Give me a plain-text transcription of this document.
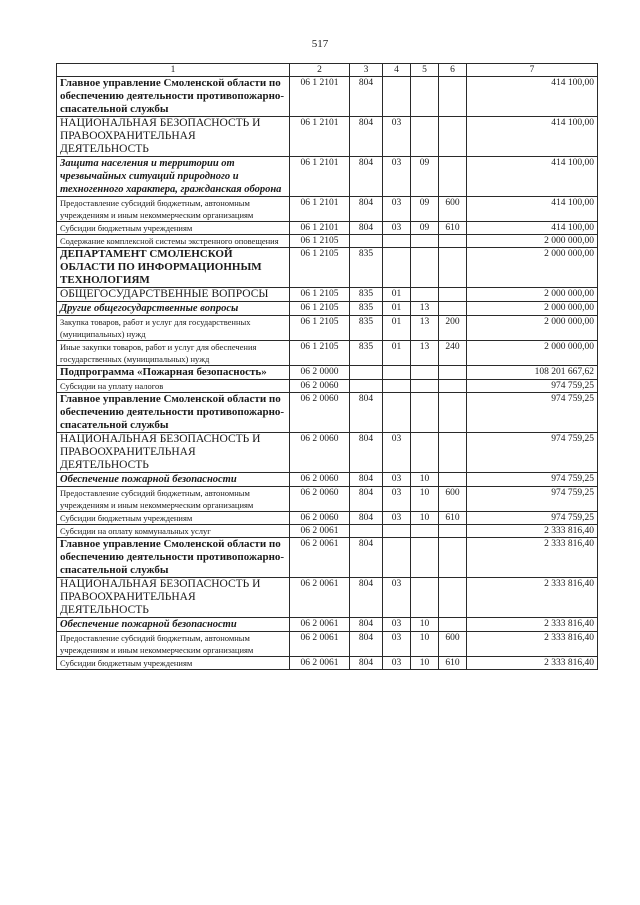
517
1	2	3	4	5	6	7
Главное управление Смоленской области по обеспечению деятельности противопожарно-спасательной службы	06 1 2101	804				414 100,00
НАЦИОНАЛЬНАЯ БЕЗОПАСНОСТЬ И ПРАВООХРАНИТЕЛЬНАЯ ДЕЯТЕЛЬНОСТЬ	06 1 2101	804	03			414 100,00
Защита населения и территории от чрезвычайных ситуаций природного и техногенного характера, гражданская оборона	06 1 2101	804	03	09		414 100,00
Предоставление субсидий бюджетным, автономным учреждениям и иным некоммерческим организациям	06 1 2101	804	03	09	600	414 100,00
Субсидии бюджетным учреждениям	06 1 2101	804	03	09	610	414 100,00
Содержание комплексной системы экстренного оповещения	06 1 2105					2 000 000,00
ДЕПАРТАМЕНТ СМОЛЕНСКОЙ ОБЛАСТИ ПО ИНФОРМАЦИОННЫМ ТЕХНОЛОГИЯМ	06 1 2105	835				2 000 000,00
ОБЩЕГОСУДАРСТВЕННЫЕ ВОПРОСЫ	06 1 2105	835	01			2 000 000,00
Другие общегосударственные вопросы	06 1 2105	835	01	13		2 000 000,00
Закупка товаров, работ и услуг для государственных (муниципальных) нужд	06 1 2105	835	01	13	200	2 000 000,00
Иные закупки товаров, работ и услуг для обеспечения государственных (муниципальных) нужд	06 1 2105	835	01	13	240	2 000 000,00
Подпрограмма «Пожарная безопасность»	06 2 0000					108 201 667,62
Субсидии на уплату налогов	06 2 0060					974 759,25
Главное управление Смоленской области по обеспечению деятельности противопожарно-спасательной службы	06 2 0060	804				974 759,25
НАЦИОНАЛЬНАЯ БЕЗОПАСНОСТЬ И ПРАВООХРАНИТЕЛЬНАЯ ДЕЯТЕЛЬНОСТЬ	06 2 0060	804	03			974 759,25
Обеспечение пожарной безопасности	06 2 0060	804	03	10		974 759,25
Предоставление субсидий бюджетным, автономным учреждениям и иным некоммерческим организациям	06 2 0060	804	03	10	600	974 759,25
Субсидии бюджетным учреждениям	06 2 0060	804	03	10	610	974 759,25
Субсидии на оплату коммунальных услуг	06 2 0061					2 333 816,40
Главное управление Смоленской области по обеспечению деятельности противопожарно-спасательной службы	06 2 0061	804				2 333 816,40
НАЦИОНАЛЬНАЯ БЕЗОПАСНОСТЬ И ПРАВООХРАНИТЕЛЬНАЯ ДЕЯТЕЛЬНОСТЬ	06 2 0061	804	03			2 333 816,40
Обеспечение пожарной безопасности	06 2 0061	804	03	10		2 333 816,40
Предоставление субсидий бюджетным, автономным учреждениям и иным некоммерческим организациям	06 2 0061	804	03	10	600	2 333 816,40
Субсидии бюджетным учреждениям	06 2 0061	804	03	10	610	2 333 816,40
